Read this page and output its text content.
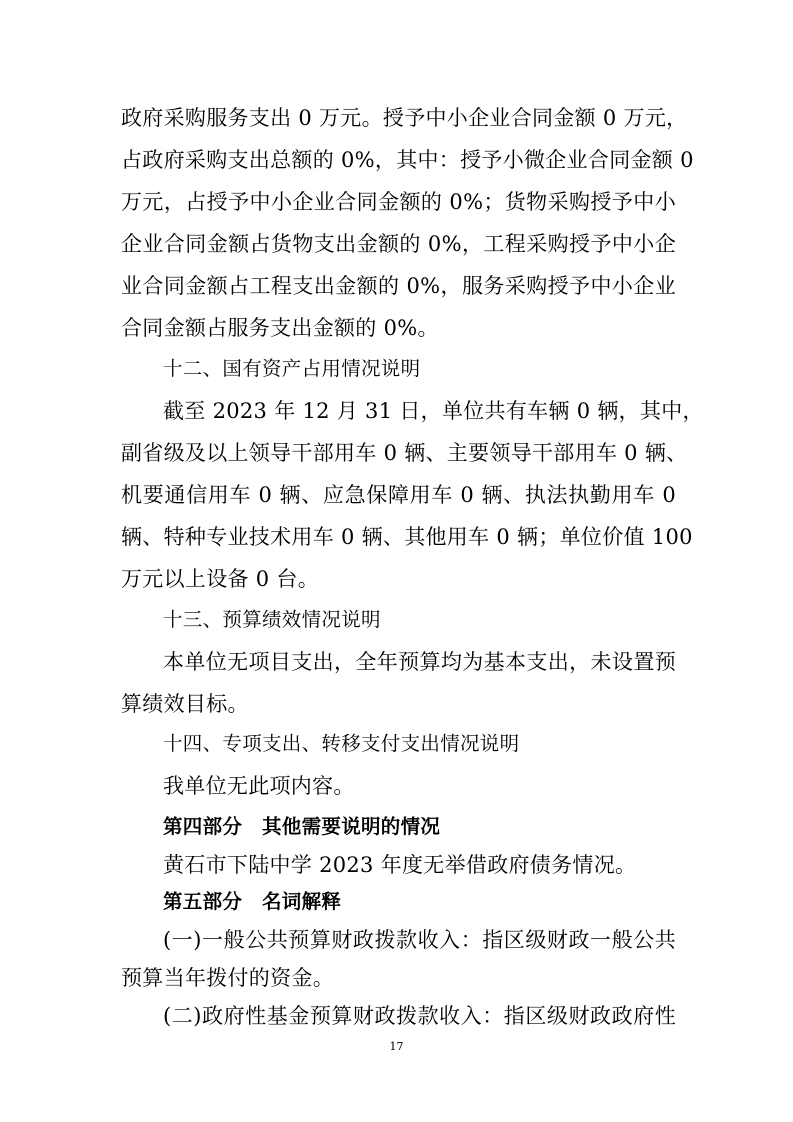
政府采购服务支出 0 万元。授予中小企业合同金额 0 万元，
占政府采购支出总额的 0%，其中：授予小微企业合同金额 0
万元，占授予中小企业合同金额的 0%；货物采购授予中小
企业合同金额占货物支出金额的 0%，工程采购授予中小企
业合同金额占工程支出金额的 0%，服务采购授予中小企业
合同金额占服务支出金额的 0%。
十二、国有资产占用情况说明
截至 2023 年 12 月 31 日，单位共有车辆 0 辆，其中，
副省级及以上领导干部用车 0 辆、主要领导干部用车 0 辆、
机要通信用车 0 辆、应急保障用车 0 辆、执法执勤用车 0
辆、特种专业技术用车 0 辆、其他用车 0 辆；单位价值 100
万元以上设备 0 台。
十三、预算绩效情况说明
本单位无项目支出，全年预算均为基本支出，未设置预
算绩效目标。
十四、专项支出、转移支付支出情况说明
我单位无此项内容。
第四部分　其他需要说明的情况
黄石市下陆中学 2023 年度无举借政府债务情况。
第五部分　名词解释
(一)一般公共预算财政拨款收入：指区级财政一般公共
预算当年拨付的资金。
(二)政府性基金预算财政拨款收入：指区级财政政府性
17
